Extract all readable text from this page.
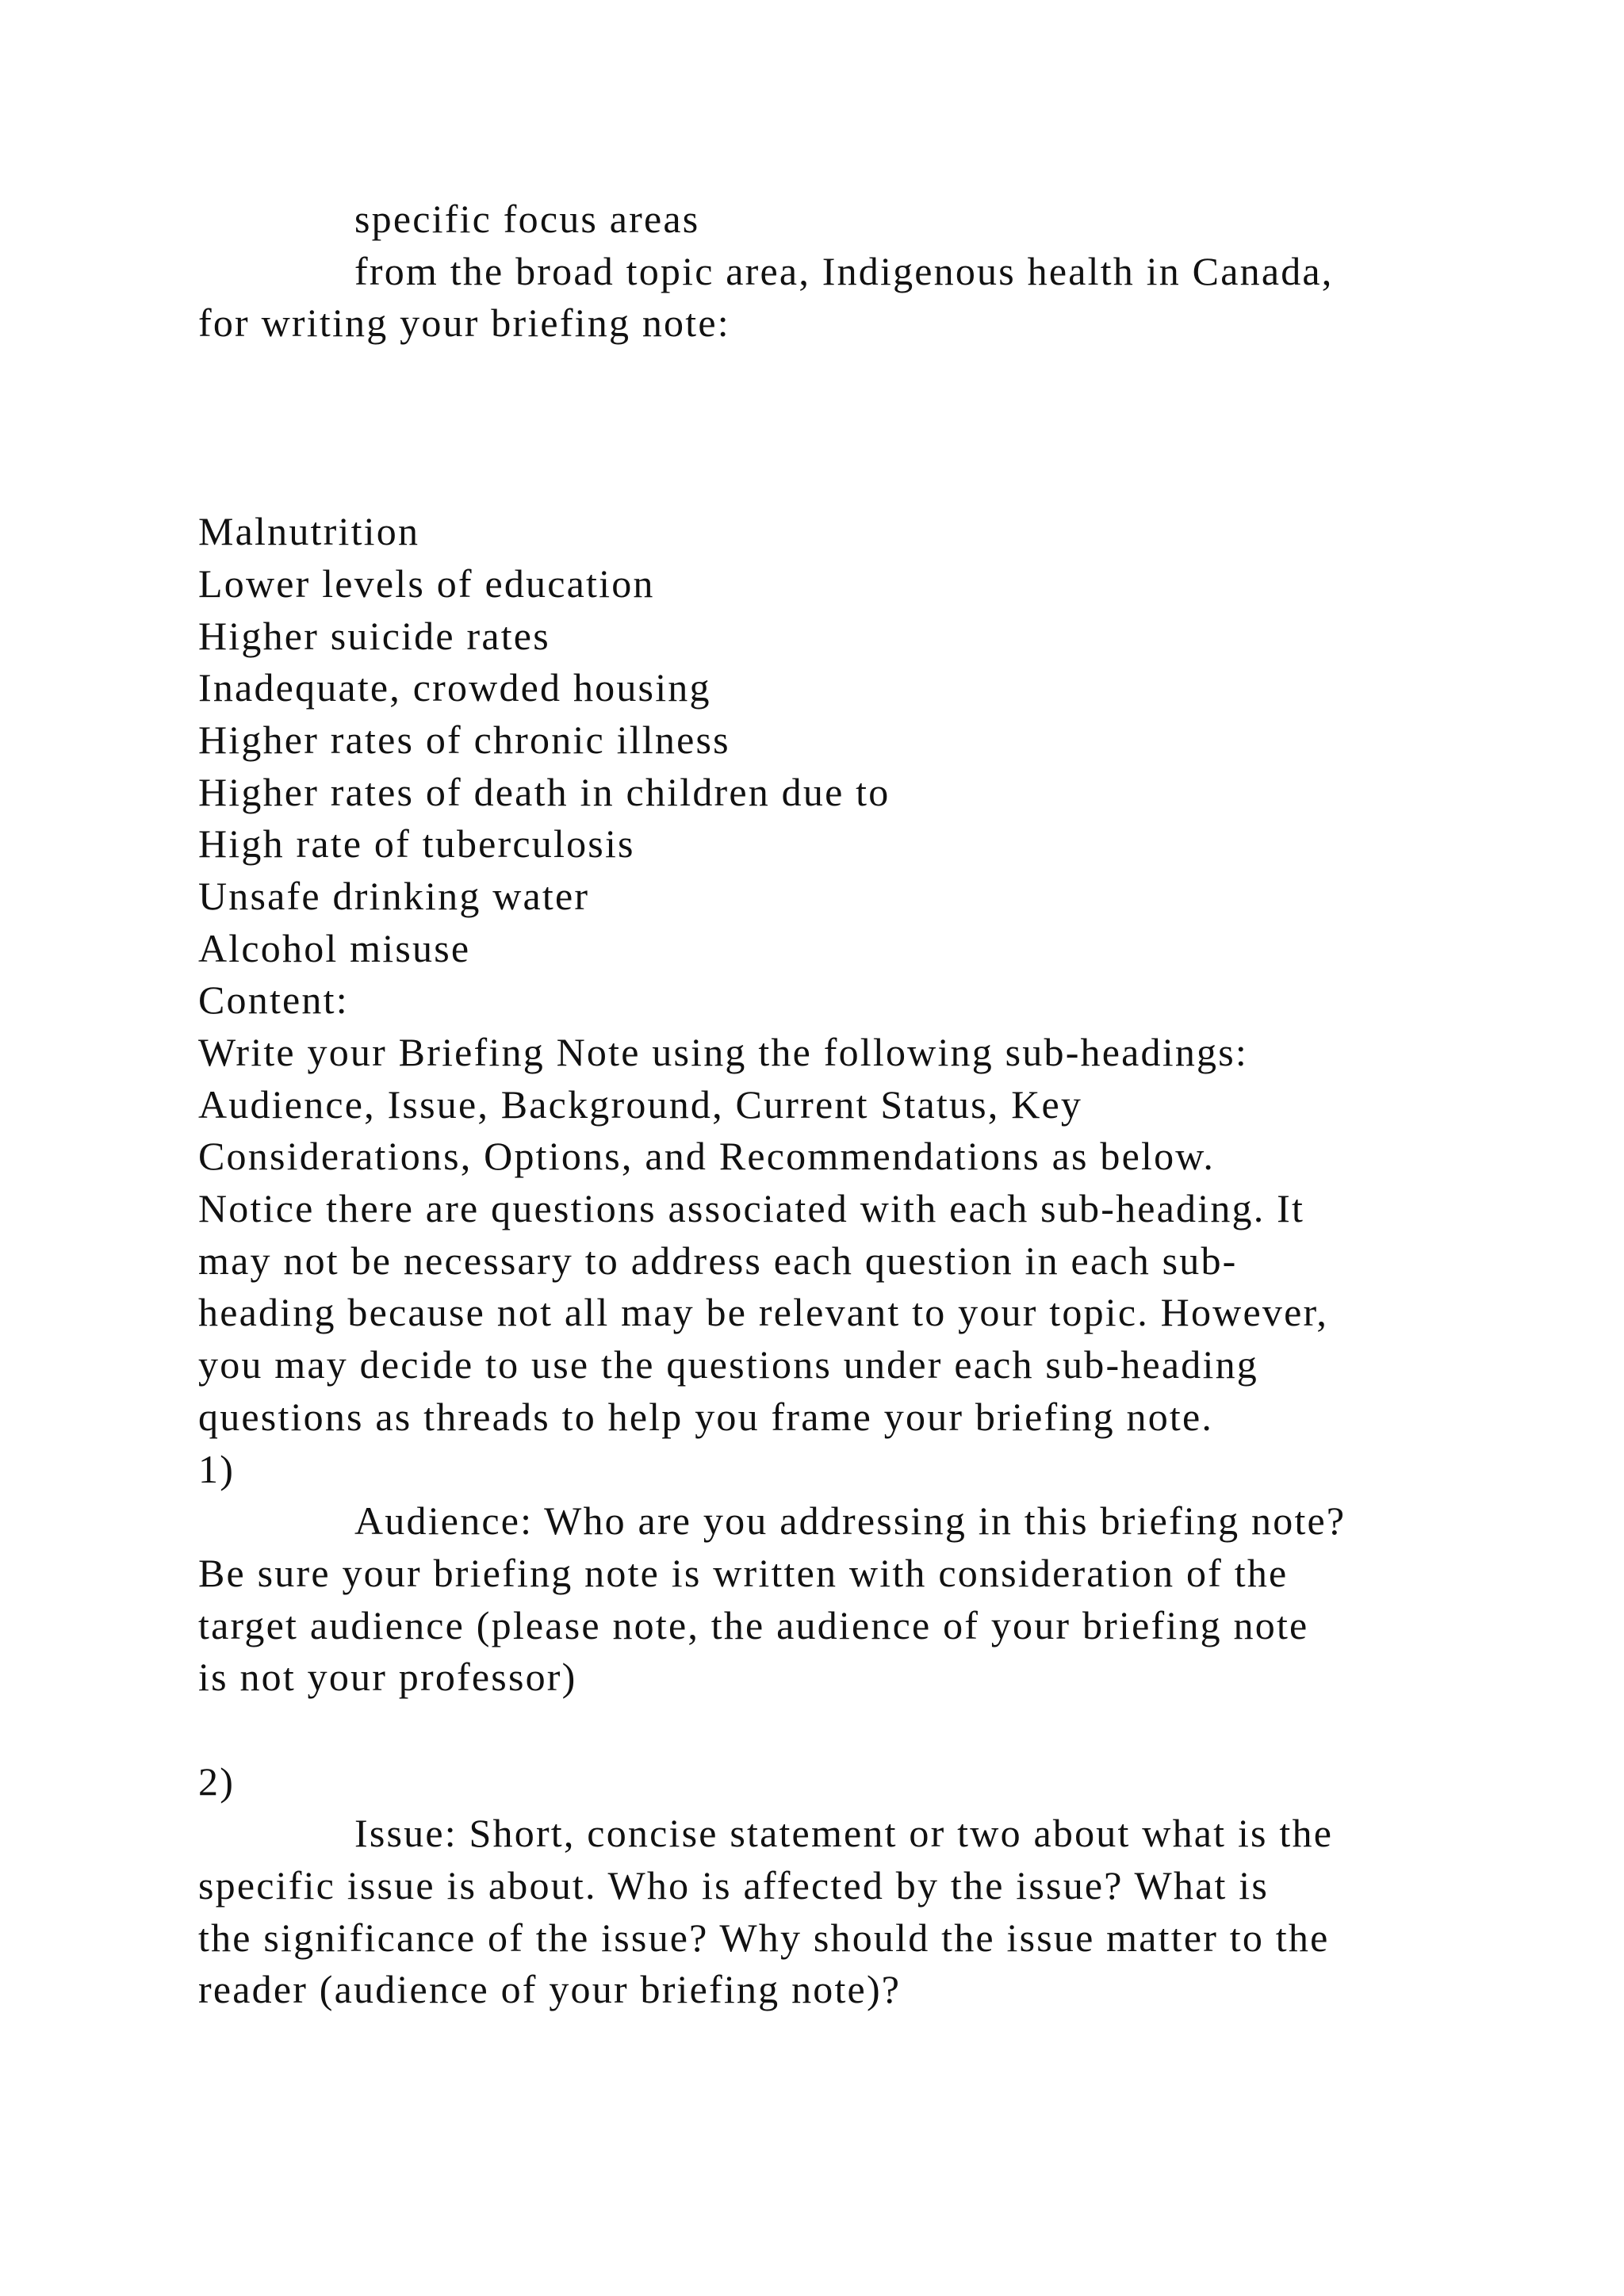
specific focus areas
from the broad topic area, Indigenous health in Canada,
for writing your briefing note:
Malnutrition
Lower levels of education
Higher suicide rates
Inadequate, crowded housing
Higher rates of chronic illness
Higher rates of death in children due to
High rate of tuberculosis
Unsafe drinking water
Alcohol misuse
Content:
Write your Briefing Note using the following sub-headings:
Audience, Issue, Background, Current Status, Key
Considerations, Options, and Recommendations as below.
Notice there are questions associated with each sub-heading. It
may not be necessary to address each question in each sub-
heading because not all may be relevant to your topic. However,
you may decide to use the questions under each sub-heading
questions as threads to help you frame your briefing note.
1)
Audience: Who are you addressing in this briefing note?
Be sure your briefing note is written with consideration of the
target audience (please note, the audience of your briefing note
is not your professor)
2)
Issue: Short, concise statement or two about what is the
specific issue is about. Who is affected by the issue? What is
the significance of the issue? Why should the issue matter to the
reader (audience of your briefing note)?
